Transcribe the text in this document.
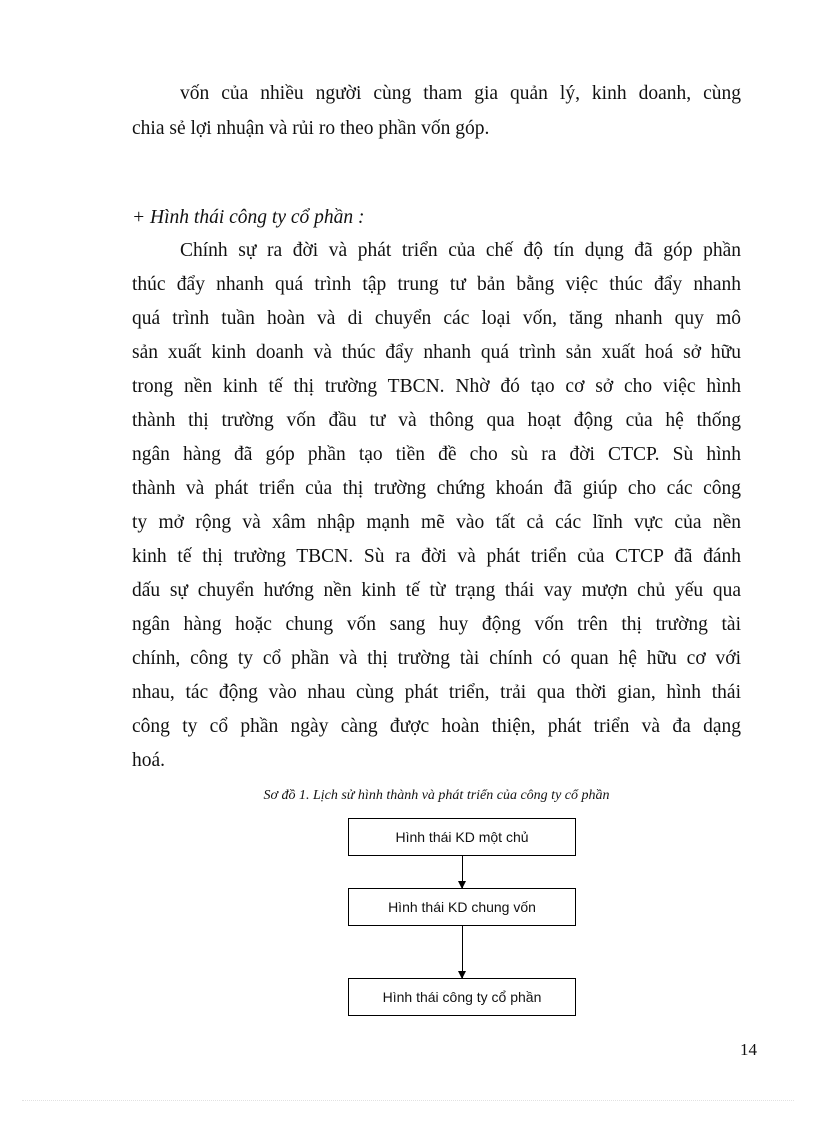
vốn của nhiều người cùng tham gia quản lý, kinh doanh, cùng
chia sẻ lợi nhuận và rủi ro theo phần vốn góp.
+ Hình thái công ty cổ phần :
Chính sự ra đời và phát triển của chế độ tín dụng đã góp phần
thúc đẩy nhanh quá trình tập trung tư bản bằng việc thúc đẩy nhanh
quá trình tuần hoàn và di chuyển các loại vốn, tăng nhanh quy mô
sản xuất kinh doanh và thúc đẩy nhanh quá trình sản xuất hoá sở hữu
trong nền kinh tế thị trường TBCN. Nhờ đó tạo cơ sở cho việc hình
thành thị trường vốn đầu tư và thông qua hoạt động của hệ thống
ngân hàng đã góp phần tạo tiền đề cho sù ra đời CTCP. Sù hình
thành và phát triển của thị trường chứng khoán đã giúp cho các công
ty mở rộng và xâm nhập mạnh mẽ vào tất cả các lĩnh vực của nền
kinh tế thị trường TBCN. Sù ra đời và phát triển của CTCP đã đánh
dấu sự chuyển hướng nền kinh tế từ trạng thái vay mượn chủ yếu qua
ngân hàng hoặc chung vốn sang huy động vốn trên thị trường tài
chính, công ty cổ phần và thị trường tài chính có quan hệ hữu cơ với
nhau, tác động vào nhau cùng phát triển, trải qua thời gian, hình thái
công ty cổ phần ngày càng được hoàn thiện, phát triển và đa dạng
hoá.
Sơ đồ 1. Lịch sử hình thành và phát triển của công ty cổ phần
Hình thái KD một chủ
Hình thái KD chung vốn
Hình thái công ty cổ phần
14
